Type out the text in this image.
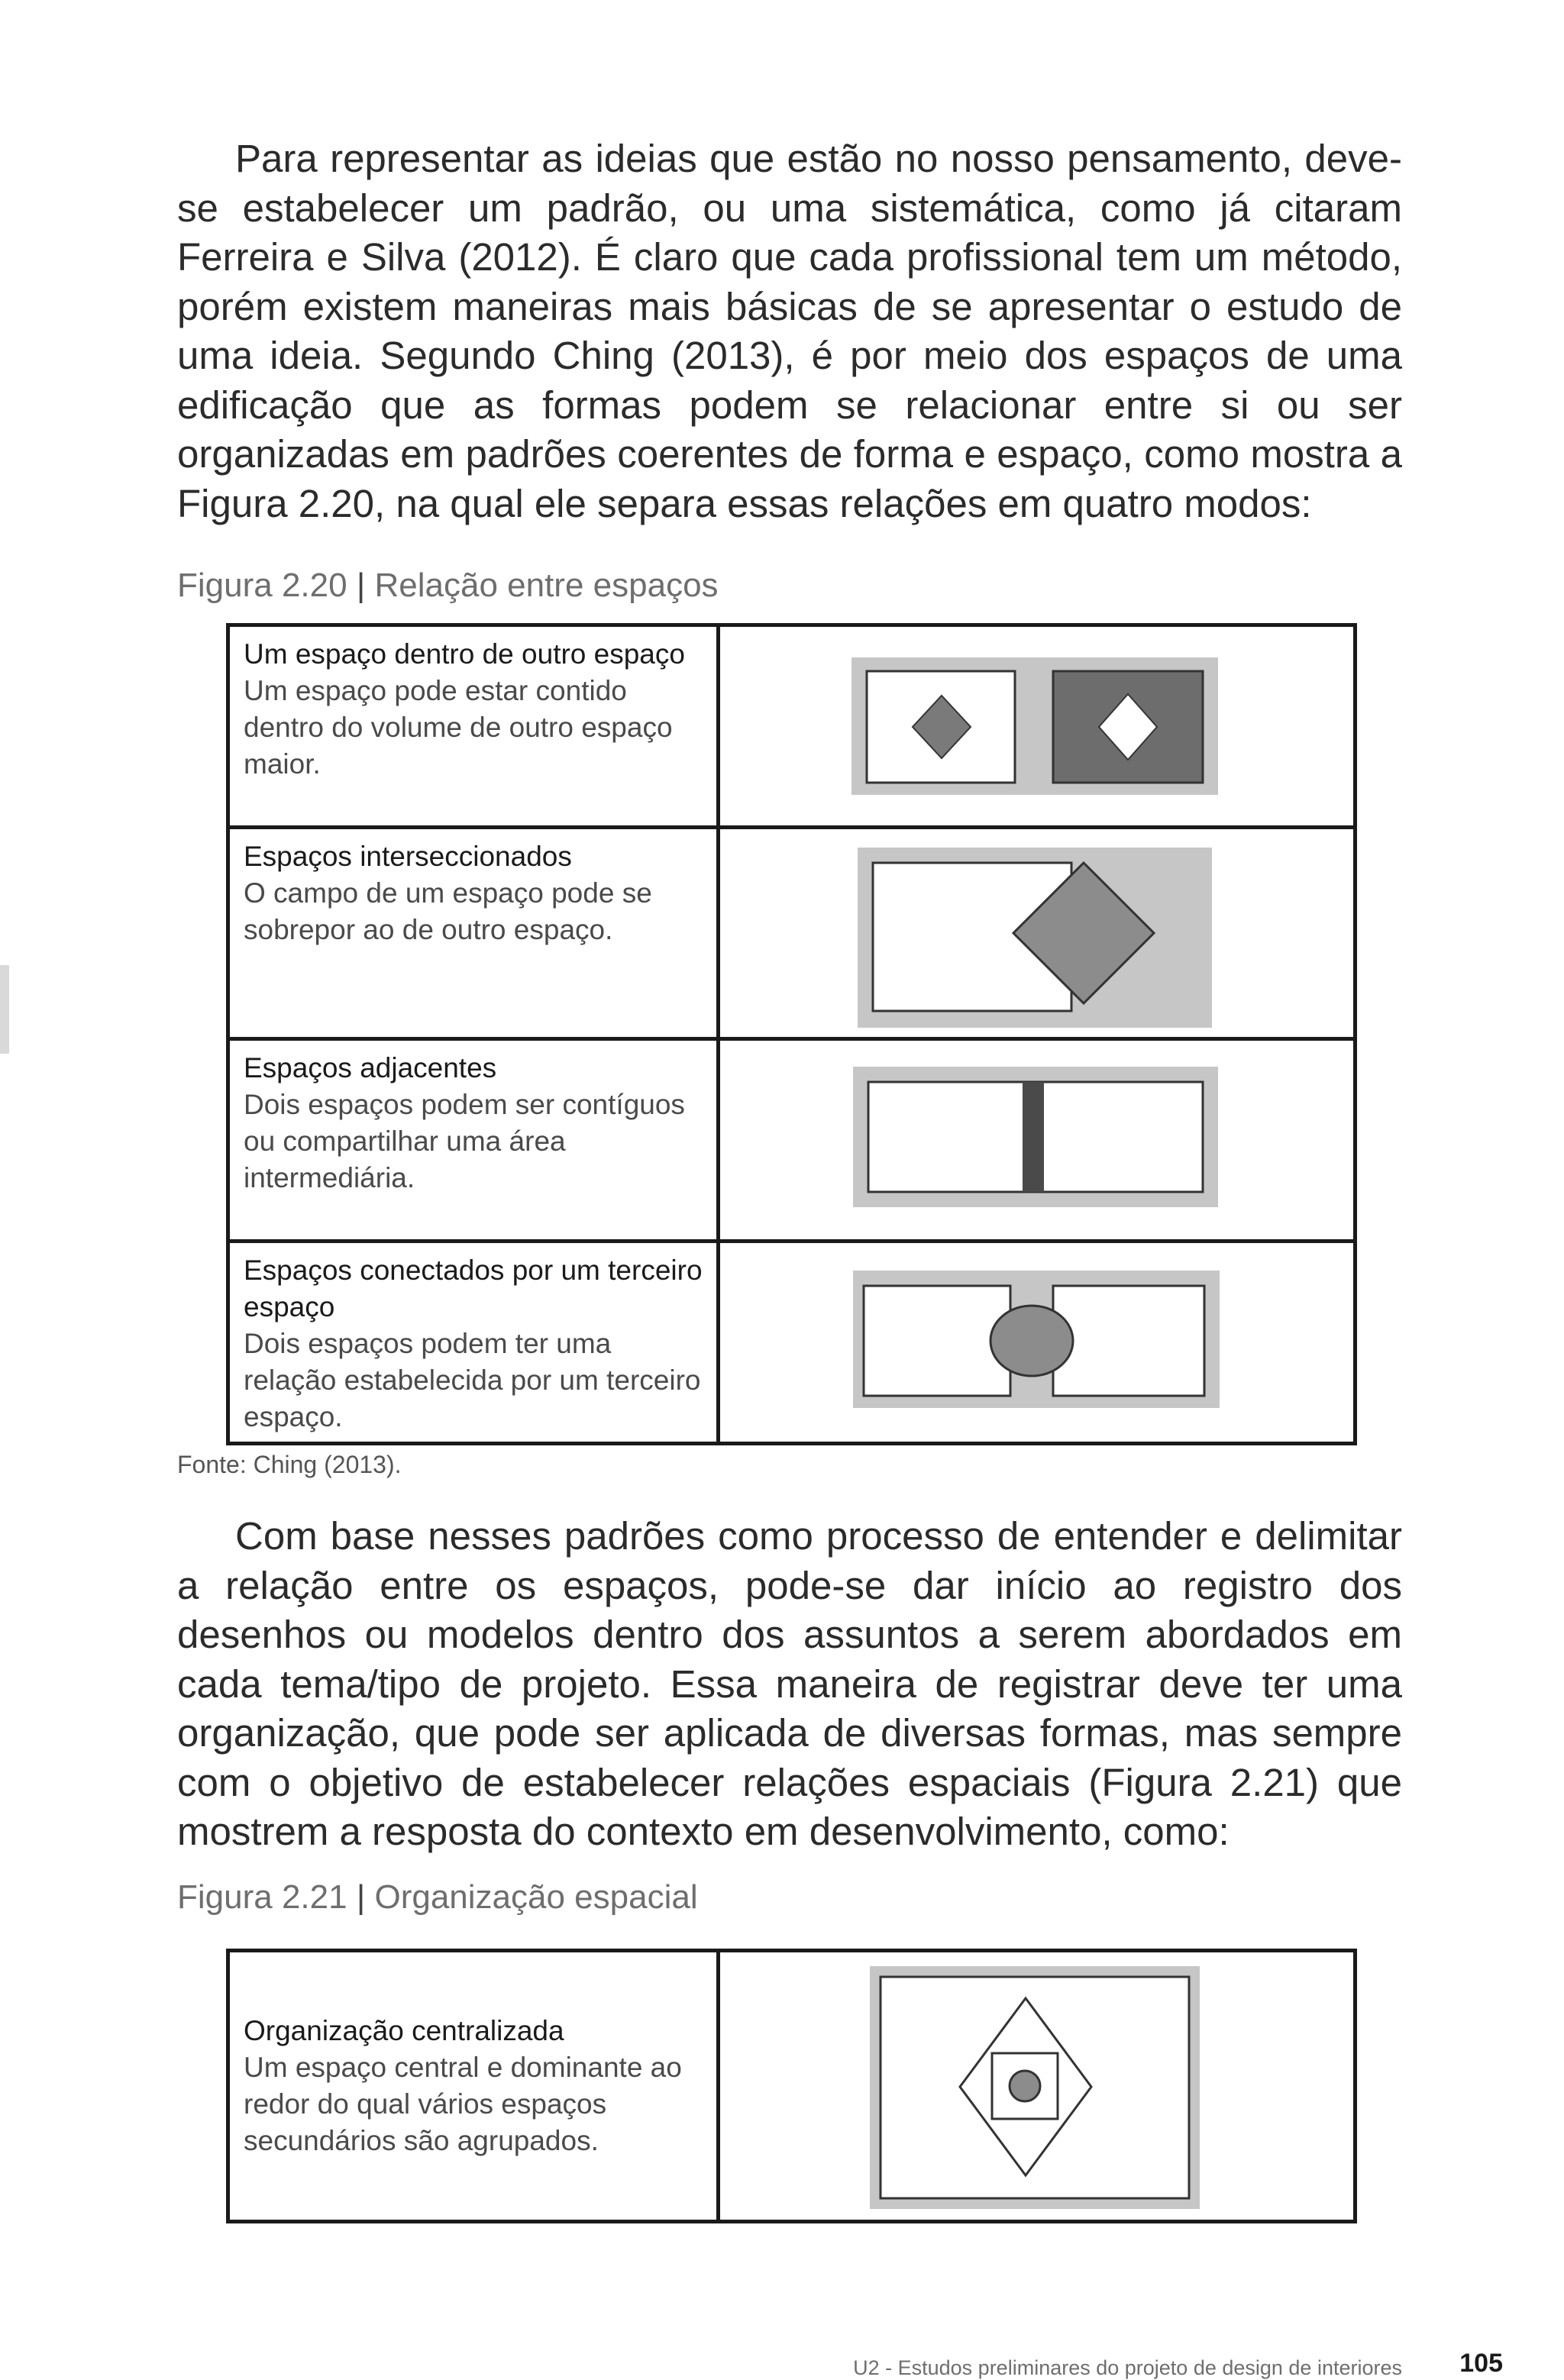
Para representar as ideias que estão no nosso pensamento, deve-se estabelecer um padrão, ou uma sistemática, como já citaram Ferreira e Silva (2012). É claro que cada profissional tem um método, porém existem maneiras mais básicas de se apresentar o estudo de uma ideia. Segundo Ching (2013), é por meio dos espaços de uma edificação que as formas podem se relacionar entre si ou ser organizadas em padrões coerentes de forma e espaço, como mostra a Figura 2.20, na qual ele separa essas relações em quatro modos:

Figura 2.20 | Relação entre espaços

Um espaço dentro de outro espaço
Um espaço pode estar contido dentro do volume de outro espaço maior.

Espaços interseccionados
O campo de um espaço pode se sobrepor ao de outro espaço.

Espaços adjacentes
Dois espaços podem ser contíguos ou compartilhar uma área intermediária.

Espaços conectados por um terceiro espaço
Dois espaços podem ter uma relação estabelecida por um terceiro espaço.

Fonte: Ching (2013).

Com base nesses padrões como processo de entender e delimitar a relação entre os espaços, pode-se dar início ao registro dos desenhos ou modelos dentro dos assuntos a serem abordados em cada tema/tipo de projeto. Essa maneira de registrar deve ter uma organização, que pode ser aplicada de diversas formas, mas sempre com o objetivo de estabelecer relações espaciais (Figura 2.21) que mostrem a resposta do contexto em desenvolvimento, como:

Figura 2.21 | Organização espacial

Organização centralizada
Um espaço central e dominante ao redor do qual vários espaços secundários são agrupados.

U2 - Estudos preliminares do projeto de design de interiores 105
